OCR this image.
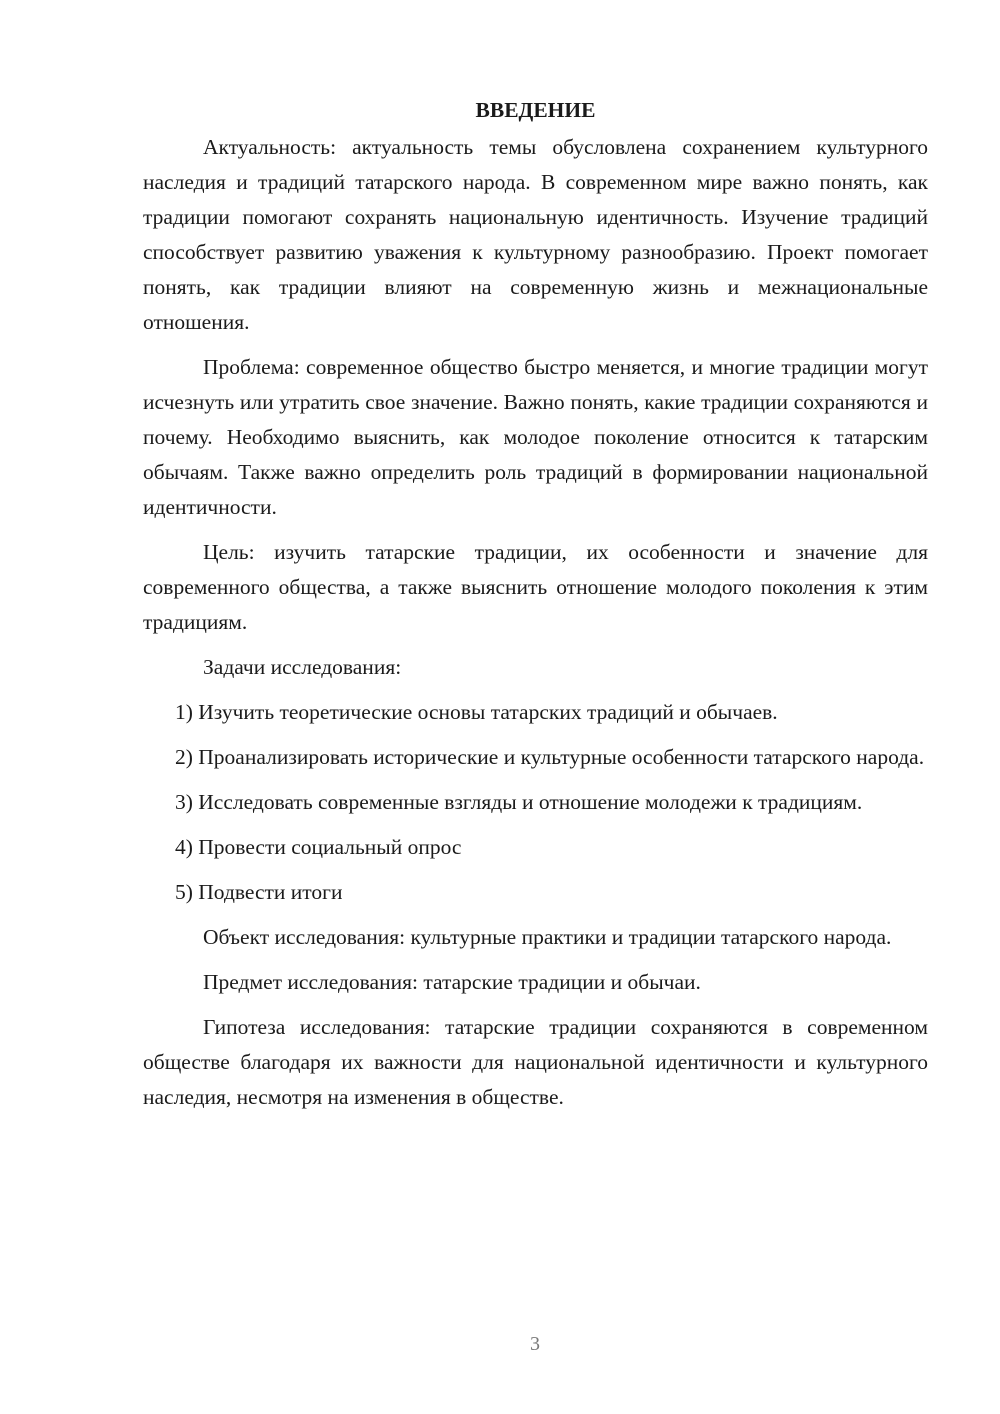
ВВЕДЕНИЕ

Актуальность: актуальность темы обусловлена сохранением культурного наследия и традиций татарского народа. В современном мире важно понять, как традиции помогают сохранять национальную идентичность. Изучение традиций способствует развитию уважения к культурному разнообразию. Проект помогает понять, как традиции влияют на современную жизнь и межнациональные отношения.

Проблема: современное общество быстро меняется, и многие традиции могут исчезнуть или утратить свое значение. Важно понять, какие традиции сохраняются и почему. Необходимо выяснить, как молодое поколение относится к татарским обычаям. Также важно определить роль традиций в формировании национальной идентичности.

Цель: изучить татарские традиции, их особенности и значение для современного общества, а также выяснить отношение молодого поколения к этим традициям.

Задачи исследования:

1) Изучить теоретические основы татарских традиций и обычаев.

2) Проанализировать исторические и культурные особенности татарского народа.

3) Исследовать современные взгляды и отношение молодежи к традициям.

4) Провести социальный опрос

5) Подвести итоги

Объект исследования: культурные практики и традиции татарского народа.

Предмет исследования: татарские традиции и обычаи.

Гипотеза исследования: татарские традиции сохраняются в современном обществе благодаря их важности для национальной идентичности и культурного наследия, несмотря на изменения в обществе.

3
